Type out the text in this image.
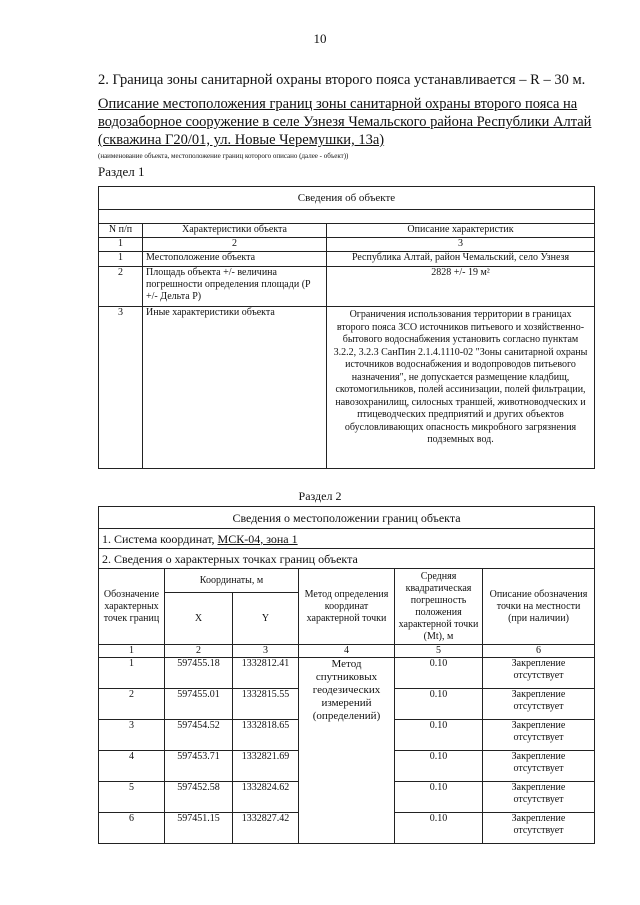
10
2. Граница зоны санитарной охраны второго пояса устанавливается – R – 30 м.
Описание местоположения границ зоны санитарной охраны второго пояса на
водозаборное сооружение в селе Узнезя Чемальского района Республики Алтай
(скважина Г20/01, ул. Новые Черемушки, 13а)
(наименование объекта, местоположение границ которого описано (далее - объект))
Раздел 1
Сведения об объекте		

N п/п	Характеристики объекта	Описание характеристик
1	2	3
1	Местоположение объекта	Республика Алтай, район Чемальский, село Узнезя
2	Площадь объекта +/- величина погрешности определения площади (Р +/- Дельта Р)	2828 +/- 19 м²
3	Иные характеристики объекта	Ограничения использования территории в границах второго пояса ЗСО источников питьевого и хозяйственно-бытового водоснабжения установить согласно пунктам 3.2.2, 3.2.3 СанПин 2.1.4.1110-02 "Зоны санитарной охраны источников водоснабжения и водопроводов питьевого назначения", не допускается размещение кладбищ, скотомогильников, полей ассинизации, полей фильтрации, навозохранилищ, силосных траншей, животноводческих и птицеводческих предприятий и других объектов обусловливающих опасность микробного загрязнения подземных вод.
Раздел 2
Сведения о местоположении границ объекта					
1. Система координат, МСК-04, зона 1					
2. Сведения о характерных точках границ объекта					
Обозначение характерных точек границ	Координаты, м		Метод определения координат характерной точки	Средняя квадратическая погрешность положения характерной точки (Mt), м	Описание обозначения точки на местности (при наличии)
	X	Y			
1	2	3	4	5	6
1	597455.18	1332812.41	Метод спутниковых геодезических измерений (определений)	0.10	Закрепление отсутствует
2	597455.01	1332815.55		0.10	Закрепление отсутствует
3	597454.52	1332818.65		0.10	Закрепление отсутствует
4	597453.71	1332821.69		0.10	Закрепление отсутствует
5	597452.58	1332824.62		0.10	Закрепление отсутствует
6	597451.15	1332827.42		0.10	Закрепление отсутствует
